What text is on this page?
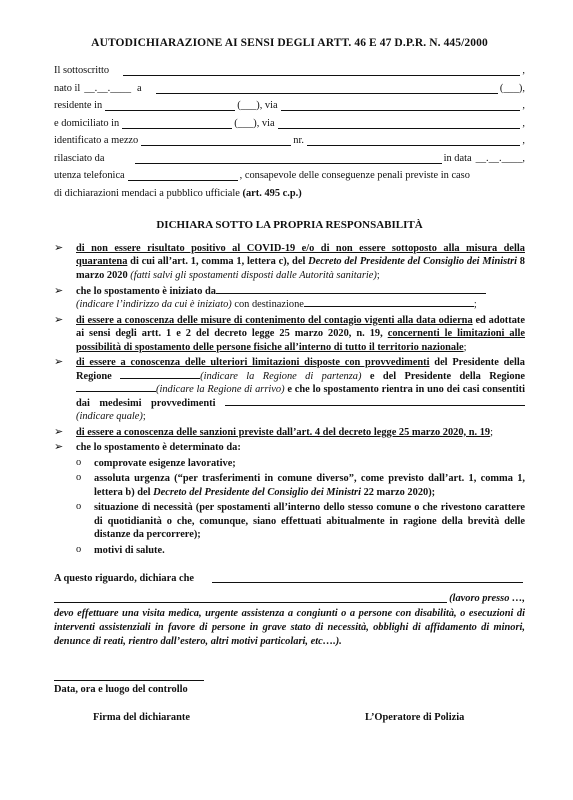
AUTODICHIARAZIONE AI SENSI DEGLI ARTT. 46 E 47 D.P.R. N. 445/2000
Il sottoscritto	,
nato il __.__.____ a	(___) ,
residente in	(___) , via	,
e domiciliato in	(___) , via	,
identificato a mezzo	nr.	,
rilasciato da	in data __.__.____ ,
utenza telefonica	, consapevole delle conseguenze penali previste in caso
di dichiarazioni mendaci a pubblico ufficiale (art. 495 c.p.)
DICHIARA SOTTO LA PROPRIA RESPONSABILITÀ
➢	di non essere risultato positivo al COVID-19 e/o di non essere sottoposto alla misura della quarantena di cui all’art. 1, comma 1, lettera c), del Decreto del Presidente del Consiglio dei Ministri 8 marzo 2020 (fatti salvi gli spostamenti disposti dalle Autorità sanitarie);
➢	che lo spostamento è iniziato da
(indicare l’indirizzo da cui è iniziato) con destinazione	;
➢	di essere a conoscenza delle misure di contenimento del contagio vigenti alla data odierna ed adottate ai sensi degli artt. 1 e 2 del decreto legge 25 marzo 2020, n. 19, concernenti le limitazioni alle possibilità di spostamento delle persone fisiche all’interno di tutto il territorio nazionale;
➢	di essere a conoscenza delle ulteriori limitazioni disposte con provvedimenti del Presidente della Regione	(indicare la Regione di partenza) e del Presidente della Regione (indicare la Regione di arrivo) e che lo spostamento rientra in uno dei casi consentiti dai medesimi provvedimenti (indicare quale);
➢	di essere a conoscenza delle sanzioni previste dall’art. 4 del decreto legge 25 marzo 2020, n. 19;
➢	che lo spostamento è determinato da:
o	comprovate esigenze lavorative;
o	assoluta urgenza (“per trasferimenti in comune diverso”, come previsto dall’art. 1, comma 1, lettera b) del Decreto del Presidente del Consiglio dei Ministri 22 marzo 2020);
o	situazione di necessità (per spostamenti all’interno dello stesso comune o che rivestono carattere di quotidianità o che, comunque, siano effettuati abitualmente in ragione della brevità delle distanze da percorrere);
o	motivi di salute.
A questo riguardo, dichiara che
(lavoro presso …,
devo effettuare una visita medica, urgente assistenza a congiunti o a persone con disabilità, o esecuzioni di interventi assistenziali in favore di persone in grave stato di necessità, obblighi di affidamento di minori, denunce di reati, rientro dall’estero, altri motivi particolari, etc….).
Data, ora e luogo del controllo
Firma del dichiarante	L’Operatore di Polizia
